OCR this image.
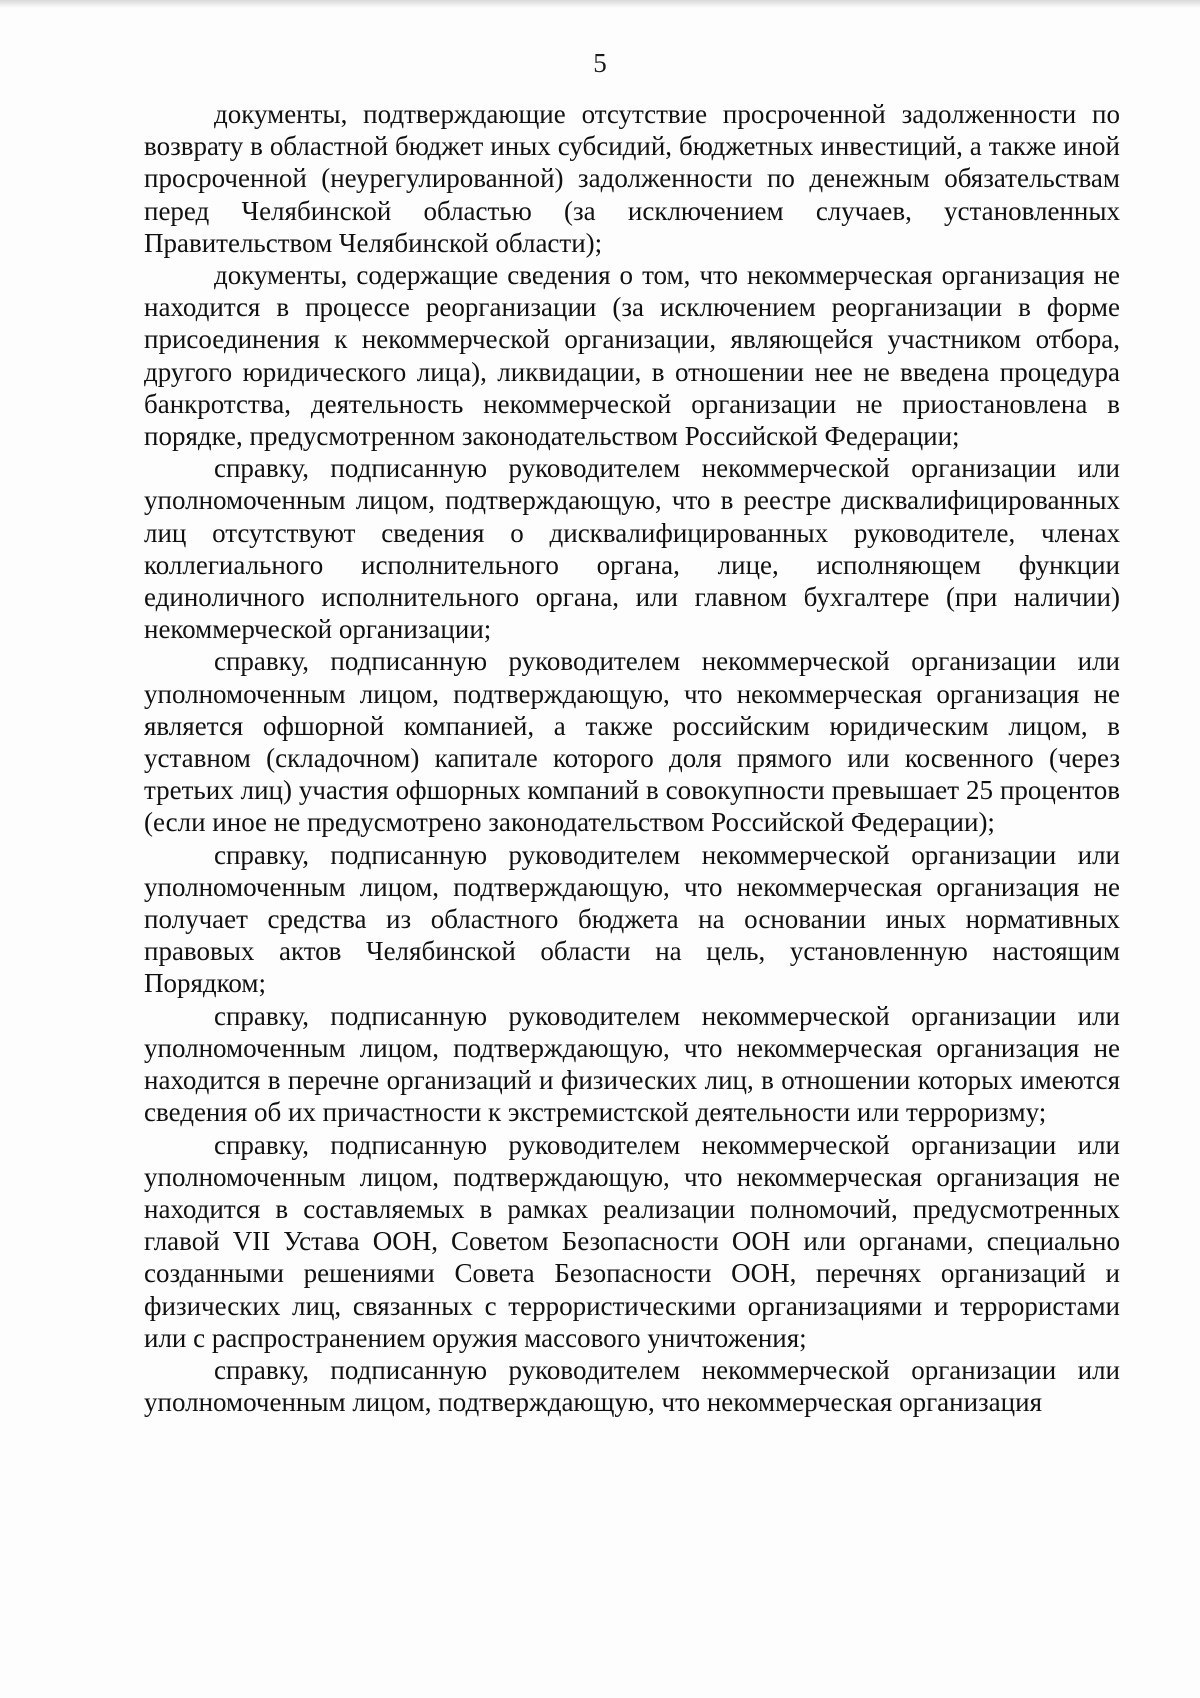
5

документы, подтверждающие отсутствие просроченной задолженности по возврату в областной бюджет иных субсидий, бюджетных инвестиций, а также иной просроченной (неурегулированной) задолженности по денежным обязательствам перед Челябинской областью (за исключением случаев, установленных Правительством Челябинской области);

документы, содержащие сведения о том, что некоммерческая организация не находится в процессе реорганизации (за исключением реорганизации в форме присоединения к некоммерческой организации, являющейся участником отбора, другого юридического лица), ликвидации, в отношении нее не введена процедура банкротства, деятельность некоммерческой организации не приостановлена в порядке, предусмотренном законодательством Российской Федерации;

справку, подписанную руководителем некоммерческой организации или уполномоченным лицом, подтверждающую, что в реестре дисквалифицированных лиц отсутствуют сведения о дисквалифицированных руководителе, членах коллегиального исполнительного органа, лице, исполняющем функции единоличного исполнительного органа, или главном бухгалтере (при наличии) некоммерческой организации;

справку, подписанную руководителем некоммерческой организации или уполномоченным лицом, подтверждающую, что некоммерческая организация не является офшорной компанией, а также российским юридическим лицом, в уставном (складочном) капитале которого доля прямого или косвенного (через третьих лиц) участия офшорных компаний в совокупности превышает 25 процентов (если иное не предусмотрено законодательством Российской Федерации);

справку, подписанную руководителем некоммерческой организации или уполномоченным лицом, подтверждающую, что некоммерческая организация не получает средства из областного бюджета на основании иных нормативных правовых актов Челябинской области на цель, установленную настоящим Порядком;

справку, подписанную руководителем некоммерческой организации или уполномоченным лицом, подтверждающую, что некоммерческая организация не находится в перечне организаций и физических лиц, в отношении которых имеются сведения об их причастности к экстремистской деятельности или терроризму;

справку, подписанную руководителем некоммерческой организации или уполномоченным лицом, подтверждающую, что некоммерческая организация не находится в составляемых в рамках реализации полномочий, предусмотренных главой VII Устава ООН, Советом Безопасности ООН или органами, специально созданными решениями Совета Безопасности ООН, перечнях организаций и физических лиц, связанных с террористическими организациями и террористами или с распространением оружия массового уничтожения;

справку, подписанную руководителем некоммерческой организации или уполномоченным лицом, подтверждающую, что некоммерческая организация
